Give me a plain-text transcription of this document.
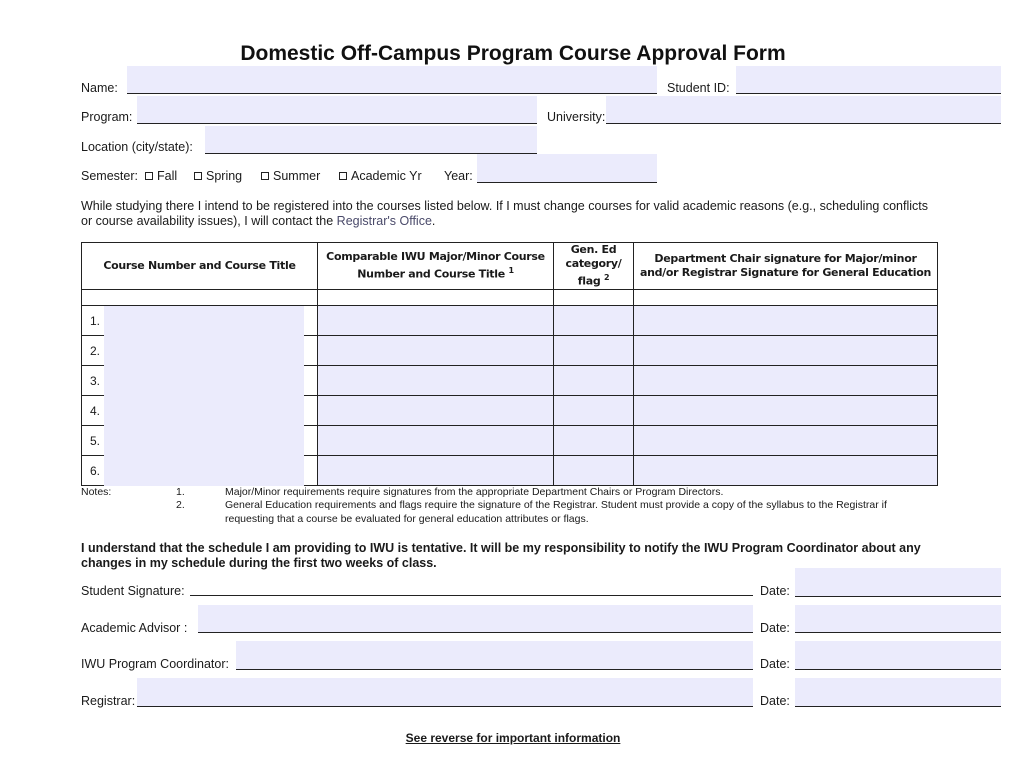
Domestic Off-Campus Program Course Approval Form
Name:	Student ID:
Program:	University:
Location (city/state):
Semester:	Fall	Spring	Summer	Academic Yr Year:
While studying there I intend to be registered into the courses listed below. If I must change courses for valid academic reasons (e.g., scheduling conflicts or course availability issues), I will contact the Registrar's Office.
Course Number and Course Title	Comparable IWU Major/Minor Course Number and Course Title $^1$	Gen. Ed category/ flag $^2$	Department Chair signature for Major/minor and/or Registrar Signature for General Education

1.			

2.			

3.			

4.			

5.			

6.			

Notes:	1.	Major/Minor requirements require signatures from the appropriate Department Chairs or Program Directors.
2.	General Education requirements and flags require the signature of the Registrar. Student must provide a copy of the syllabus to the Registrar if requesting that a course be evaluated for general education attributes or flags.
I understand that the schedule I am providing to IWU is tentative. It will be my responsibility to notify the IWU Program Coordinator about any changes in my schedule during the first two weeks of class.
Student Signature:	Date:
Academic Advisor :	Date:
IWU Program Coordinator:	Date:
Registrar:	Date:
See reverse for important information
